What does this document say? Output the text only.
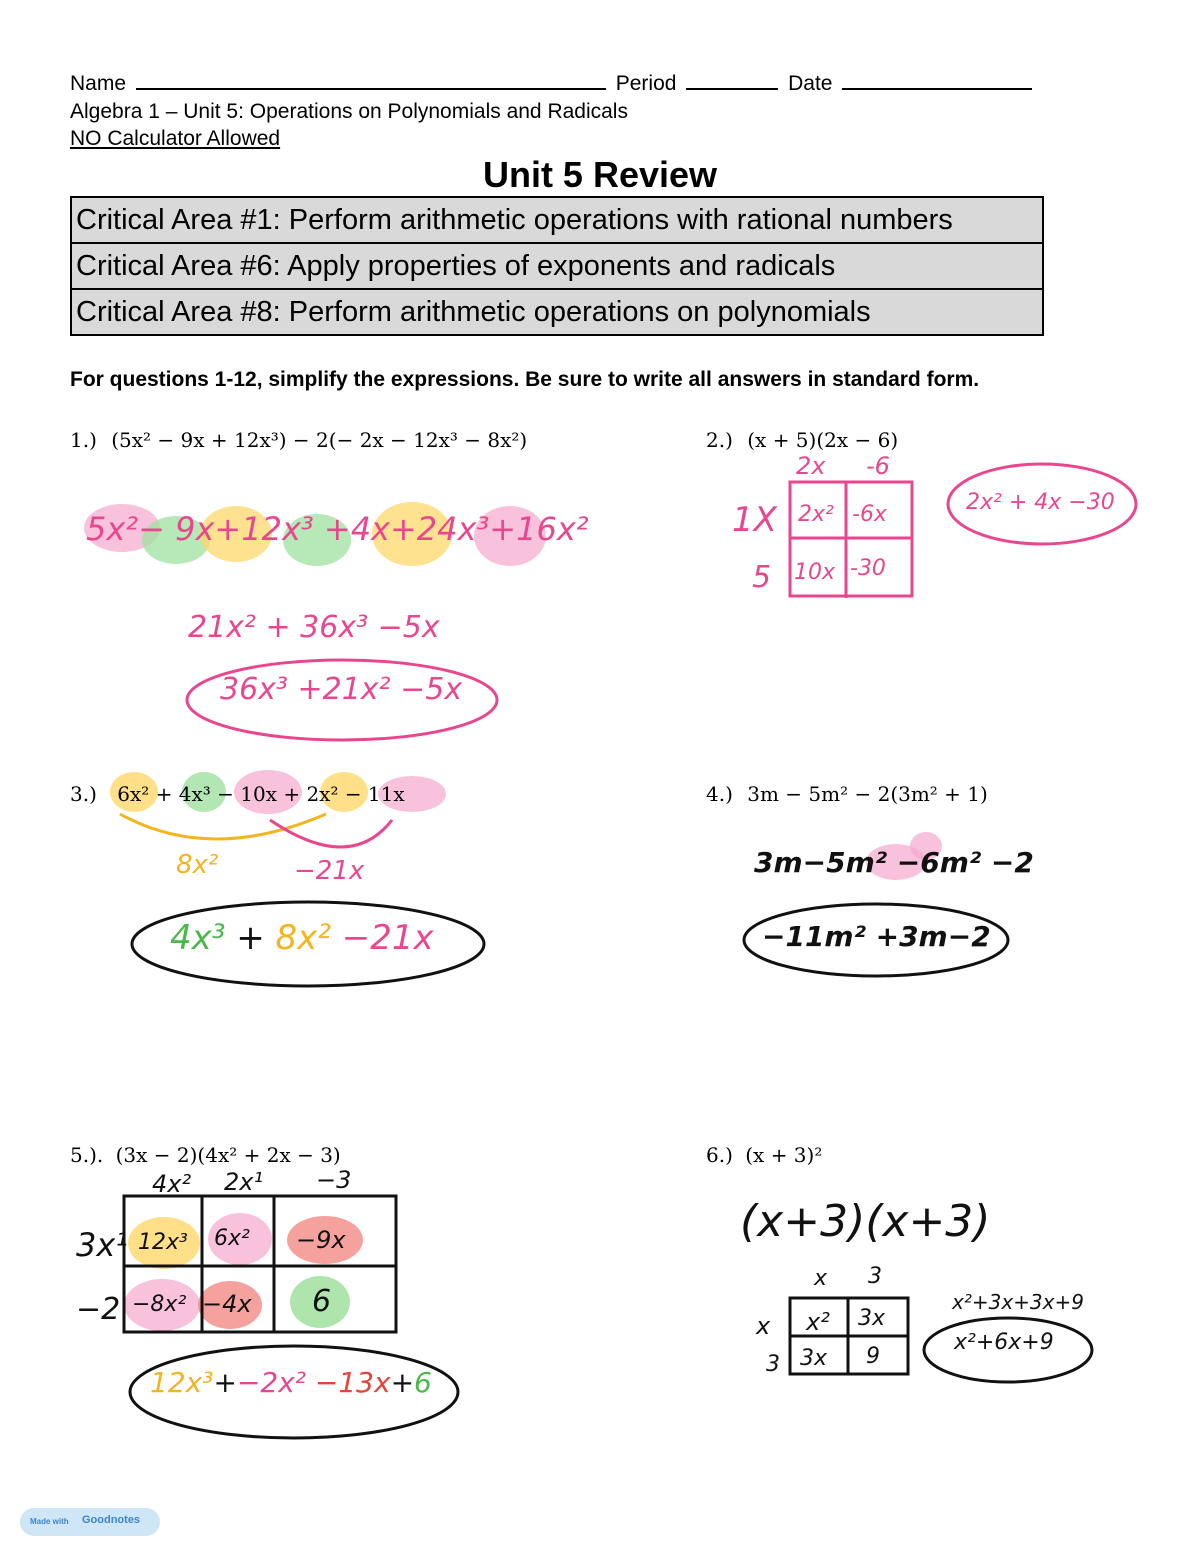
Name	Period	Date
Algebra 1 – Unit 5: Operations on Polynomials and Radicals
NO Calculator Allowed
Unit 5 Review
Critical Area #1: Perform arithmetic operations with rational numbers
Critical Area #6: Apply properties of exponents and radicals
Critical Area #8: Perform arithmetic operations on polynomials
For questions 1-12, simplify the expressions. Be sure to write all answers in standard form.
1.) (5x² − 9x + 12x³) − 2(− 2x − 12x³ − 8x²)
5x²− 9x+12x³ +4x+24x³+16x²
21x² + 36x³ −5x
36x³ +21x² −5x
2.) (x + 5)(2x − 6)
2x -6
1X
5
2x² -6x
10x -30
2x² + 4x −30
3.) 6x² + 4x³ − 10x + 2x² − 11x
8x²	−21x
4x³ + 8x² −21x
4.) 3m − 5m² − 2(3m² + 1)
3m−5m² −6m² −2
−11m² +3m−2
5.). (3x − 2)(4x² + 2x − 3)
4x² 2x¹ −3
3x¹
−2
12x³ 6x² −9x
−8x² −4x 6
12x³+−2x² −13x+6
6.) (x + 3)²
(x+3)(x+3)
x 3
x
3
x² 3x
3x 9
x²+3x+3x+9
x²+6x+9
Made with Goodnotes
